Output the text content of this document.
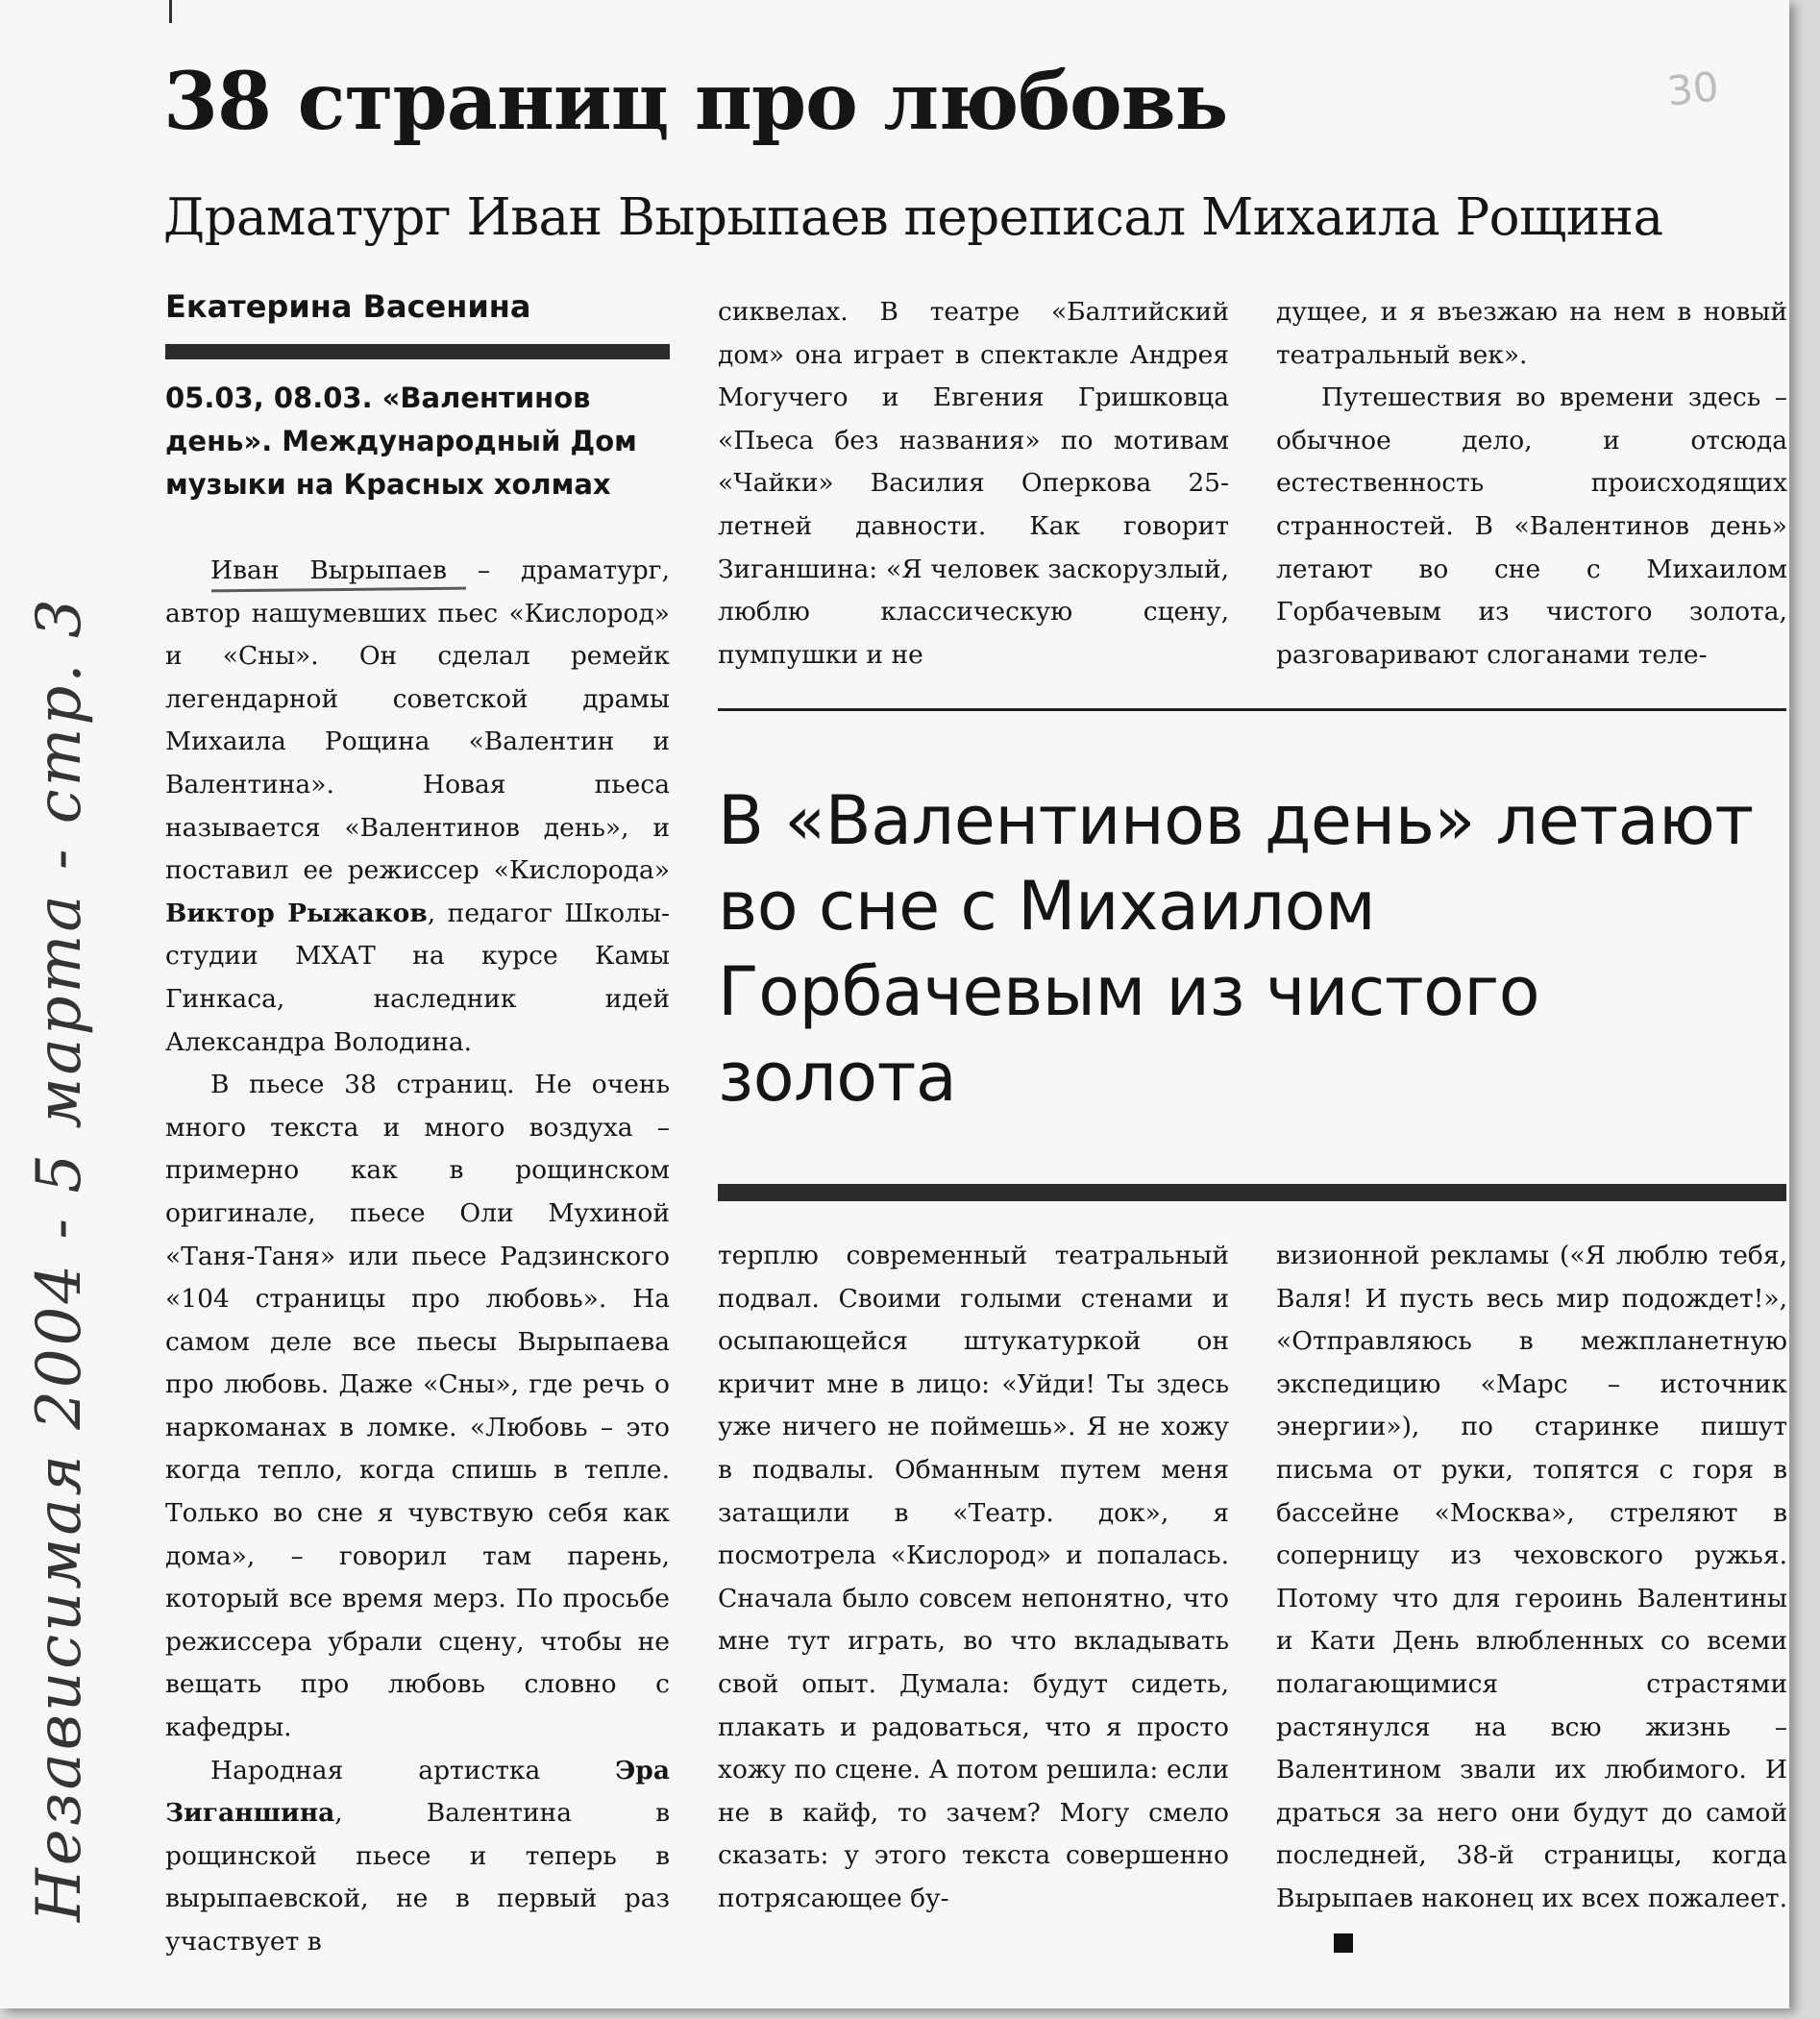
30
38 страниц про любовь
Драматург Иван Вырыпаев переписал Михаила Рощина
Екатерина Васенина
05.03, 08.03. «Валентинов день». Международный Дом музыки на Красных холмах

Иван Вырыпаев – драматург, автор нашумевших пьес «Кислород» и «Сны». Он сделал ремейк легендарной советской драмы Михаила Рощина «Валентин и Валентина». Новая пьеса называется «Валентинов день», и поставил ее режиссер «Кислорода» Виктор Рыжаков, педагог Школы-студии МХАТ на курсе Камы Гинкаса, наследник идей Александра Володина.

В пьесе 38 страниц. Не очень много текста и много воздуха – примерно как в рощинском оригинале, пьесе Оли Мухиной «Таня-Таня» или пьесе Радзинского «104 страницы про любовь». На самом деле все пьесы Вырыпаева про любовь. Даже «Сны», где речь о наркоманах в ломке. «Любовь – это когда тепло, когда спишь в тепле. Только во сне я чувствую себя как дома», – говорил там парень, который все время мерз. По просьбе режиссера убрали сцену, чтобы не вещать про любовь словно с кафедры.

Народная артистка Эра Зиганшина, Валентина в рощинской пьесе и теперь в вырыпаевской, не в первый раз участвует в

сиквелах. В театре «Балтийский дом» она играет в спектакле Андрея Могучего и Евгения Гришковца «Пьеса без названия» по мотивам «Чайки» Василия Оперкова 25-летней давности. Как говорит Зиганшина: «Я человек заскорузлый, люблю классическую сцену, пумпушки и не

дущее, и я въезжаю на нем в новый театральный век».

Путешествия во времени здесь – обычное дело, и отсюда естественность происходящих странностей. В «Валентинов день» летают во сне с Михаилом Горбачевым из чистого золота, разговаривают слоганами теле-

В «Валентинов день» летают во сне с Михаилом Горбачевым из чистого золота

терплю современный театральный подвал. Своими голыми стенами и осыпающейся штукатуркой он кричит мне в лицо: «Уйди! Ты здесь уже ничего не поймешь». Я не хожу в подвалы. Обманным путем меня затащили в «Театр. док», я посмотрела «Кислород» и попалась. Сначала было совсем непонятно, что мне тут играть, во что вкладывать свой опыт. Думала: будут сидеть, плакать и радоваться, что я просто хожу по сцене. А потом решила: если не в кайф, то зачем? Могу смело сказать: у этого текста совершенно потрясающее бу-

визионной рекламы («Я люблю тебя, Валя! И пусть весь мир подождет!», «Отправляюсь в межпланетную экспедицию «Марс – источник энергии»), по старинке пишут письма от руки, топятся с горя в бассейне «Москва», стреляют в соперницу из чеховского ружья. Потому что для героинь Валентины и Кати День влюбленных со всеми полагающимися страстями растянулся на всю жизнь – Валентином звали их любимого. И драться за него они будут до самой последней, 38-й страницы, когда Вырыпаев наконец их всех пожалеет.

Независимая 2004 - 5 марта - стр. 3
